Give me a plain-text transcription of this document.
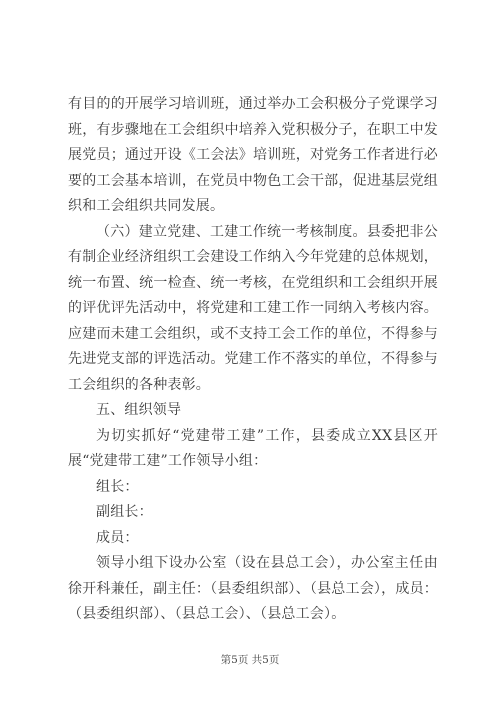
有目的的开展学习培训班，通过举办工会积极分子党课学习班，有步骤地在工会组织中培养入党积极分子，在职工中发展党员；通过开设《工会法》培训班，对党务工作者进行必要的工会基本培训，在党员中物色工会干部，促进基层党组织和工会组织共同发展。

（六）建立党建、工建工作统一考核制度。县委把非公有制企业经济组织工会建设工作纳入今年党建的总体规划，统一布置、统一检查、统一考核，在党组织和工会组织开展的评优评先活动中，将党建和工建工作一同纳入考核内容。应建而未建工会组织，或不支持工会工作的单位，不得参与先进党支部的评选活动。党建工作不落实的单位，不得参与工会组织的各种表彰。

五、组织领导

为切实抓好“党建带工建”工作，县委成立XX县区开展“党建带工建”工作领导小组：

组长：

副组长：

成员：

领导小组下设办公室（设在县总工会），办公室主任由徐开科兼任，副主任：（县委组织部）、（县总工会），成员：（县委组织部）、（县总工会）、（县总工会）。

第5页 共5页
